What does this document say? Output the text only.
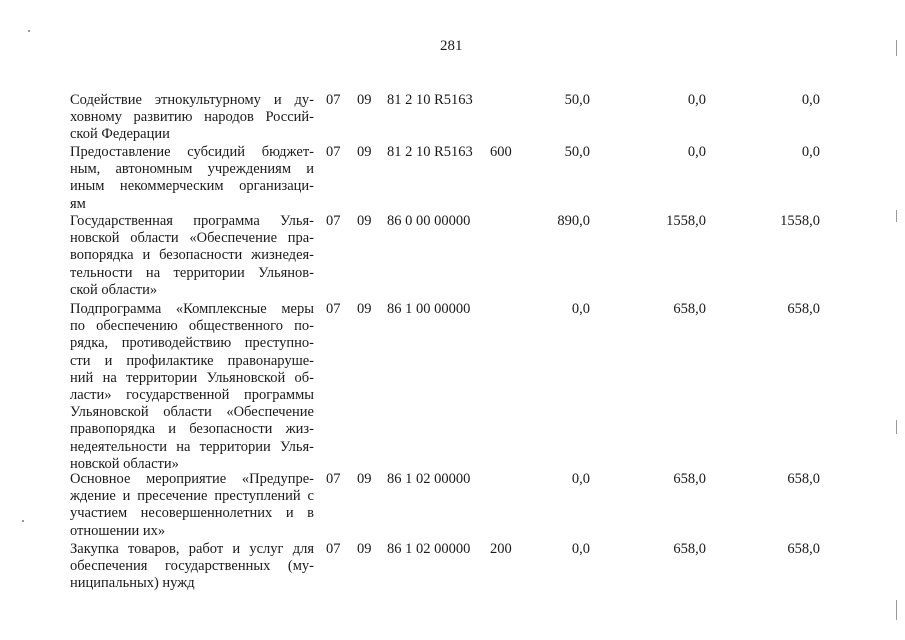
281
Содействие этнокультурному и ду-
ховному развитию народов Россий-
ской Федерации
07 09 81 2 10 R5163	50,0	0,0	0,0
Предоставление субсидий бюджет-
ным, автономным учреждениям и
иным некоммерческим организаци-
ям
07 09 81 2 10 R5163 600	50,0	0,0	0,0
Государственная программа Улья-
новской области «Обеспечение пра-
вопорядка и безопасности жизнедея-
тельности на территории Ульянов-
ской области»
07 09 86 0 00 00000	890,0	1558,0	1558,0
Подпрограмма «Комплексные меры
по обеспечению общественного по-
рядка, противодействию преступно-
сти и профилактике правонаруше-
ний на территории Ульяновской об-
ласти» государственной программы
Ульяновской области «Обеспечение
правопорядка и безопасности жиз-
недеятельности на территории Улья-
новской области»
07 09 86 1 00 00000	0,0	658,0	658,0
Основное мероприятие «Предупре-
ждение и пресечение преступлений с
участием несовершеннолетних и в
отношении их»
07 09 86 1 02 00000	0,0	658,0	658,0
Закупка товаров, работ и услуг для
обеспечения государственных (му-
ниципальных) нужд
07 09 86 1 02 00000 200	0,0	658,0	658,0
